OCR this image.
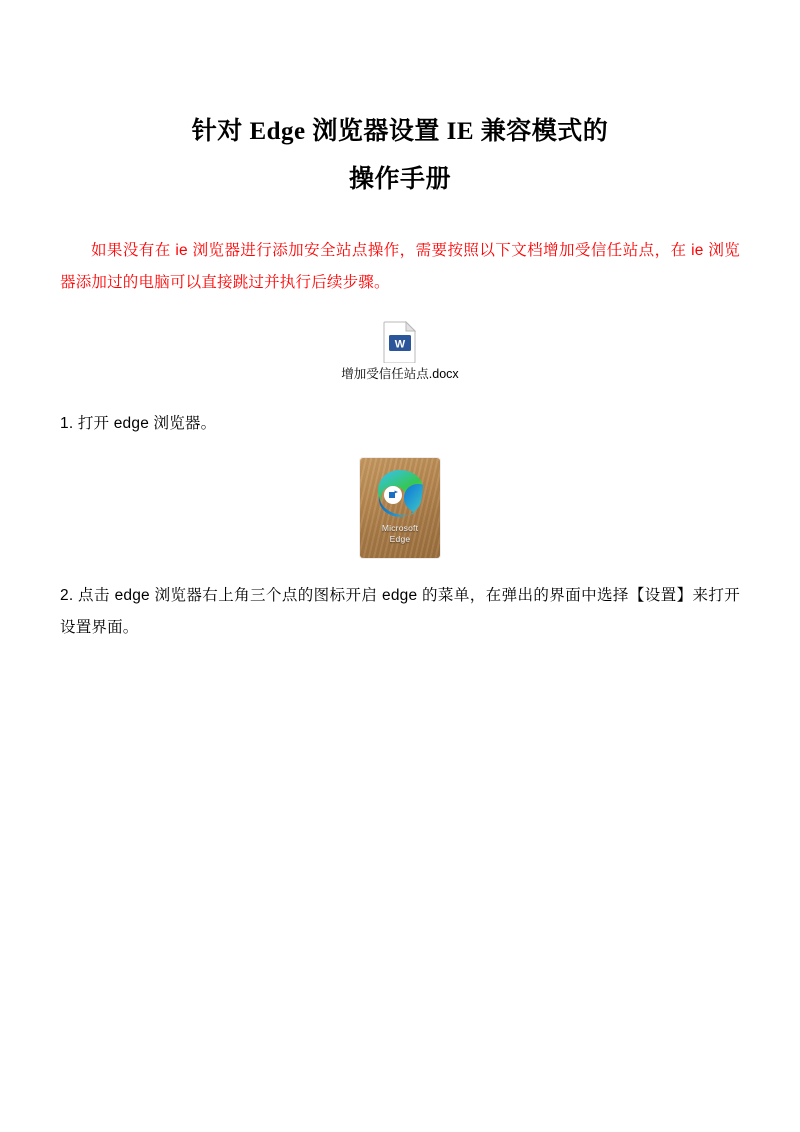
针对 Edge 浏览器设置 IE 兼容模式的
操作手册

如果没有在 ie 浏览器进行添加安全站点操作，需要按照以下文档增加受信任站点，在 ie 浏览器添加过的电脑可以直接跳过并执行后续步骤。

W
增加受信任站点.docx

1. 打开 edge 浏览器。

Microsoft
Edge

2. 点击 edge 浏览器右上角三个点的图标开启 edge 的菜单，在弹出的界面中选择【设置】来打开设置界面。
